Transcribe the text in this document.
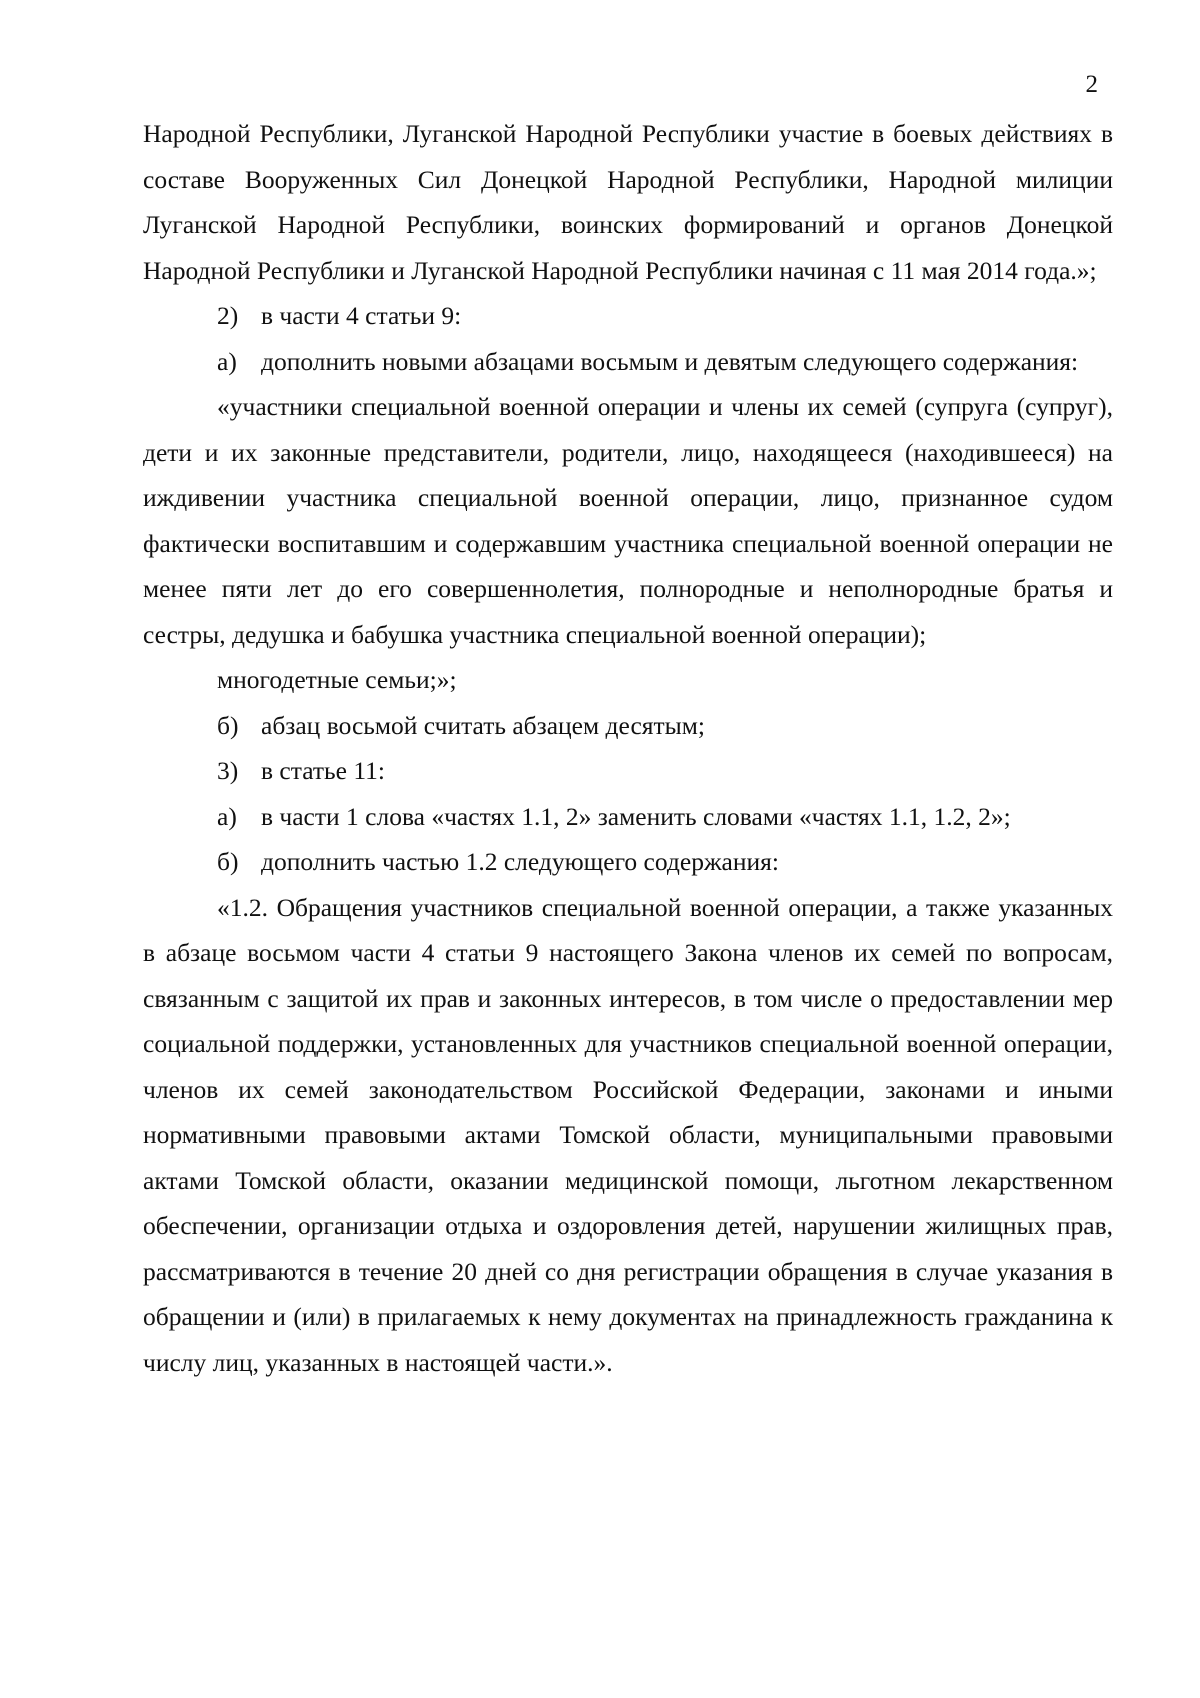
2

Народной Республики, Луганской Народной Республики участие в боевых действиях в составе Вооруженных Сил Донецкой Народной Республики, Народной милиции Луганской Народной Республики, воинских формирований и органов Донецкой Народной Республики и Луганской Народной Республики начиная с 11 мая 2014 года.»;

2) в части 4 статьи 9:

а) дополнить новыми абзацами восьмым и девятым следующего содержания:

«участники специальной военной операции и члены их семей (супруга (супруг), дети и их законные представители, родители, лицо, находящееся (находившееся) на иждивении участника специальной военной операции, лицо, признанное судом фактически воспитавшим и содержавшим участника специальной военной операции не менее пяти лет до его совершеннолетия, полнородные и неполнородные братья и сестры, дедушка и бабушка участника специальной военной операции);

многодетные семьи;»;

б) абзац восьмой считать абзацем десятым;

3) в статье 11:

а) в части 1 слова «частях 1.1, 2» заменить словами «частях 1.1, 1.2, 2»;

б) дополнить частью 1.2 следующего содержания:

«1.2. Обращения участников специальной военной операции, а также указанных в абзаце восьмом части 4 статьи 9 настоящего Закона членов их семей по вопросам, связанным с защитой их прав и законных интересов, в том числе о предоставлении мер социальной поддержки, установленных для участников специальной военной операции, членов их семей законодательством Российской Федерации, законами и иными нормативными правовыми актами Томской области, муниципальными правовыми актами Томской области, оказании медицинской помощи, льготном лекарственном обеспечении, организации отдыха и оздоровления детей, нарушении жилищных прав, рассматриваются в течение 20 дней со дня регистрации обращения в случае указания в обращении и (или) в прилагаемых к нему документах на принадлежность гражданина к числу лиц, указанных в настоящей части.».
